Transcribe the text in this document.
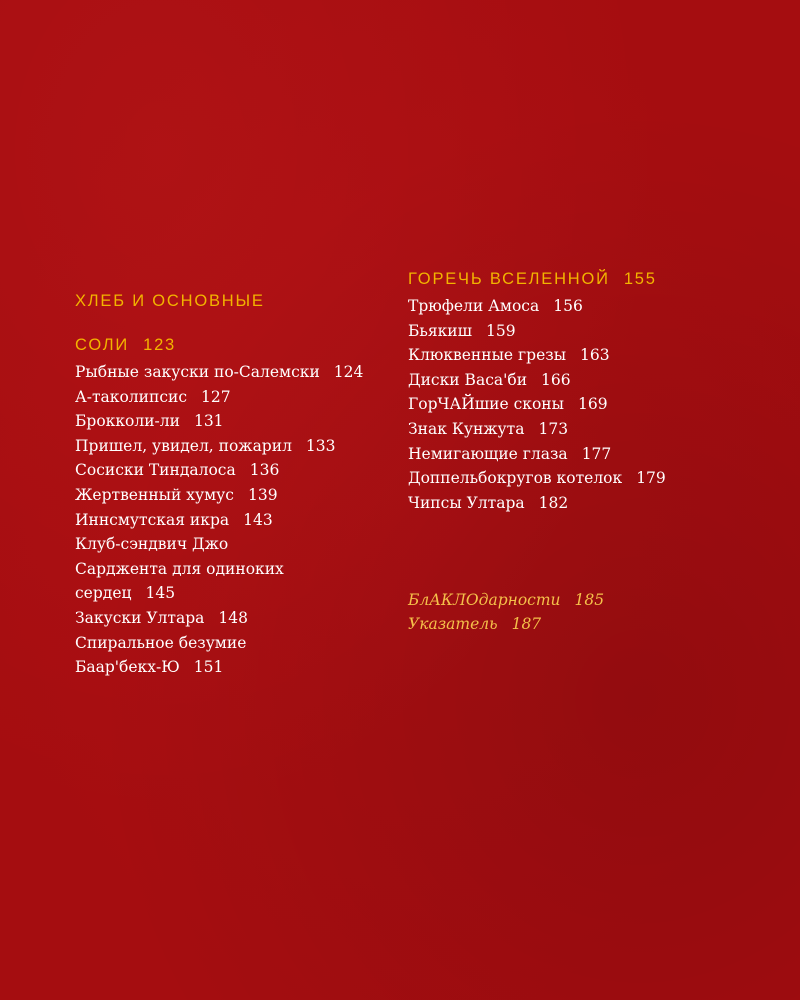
ХЛЕБ И ОСНОВНЫЕ

СОЛИ 123

Рыбные закуски по-Салемски 124
А-таколипсис 127
Брокколи-ли 131
Пришел, увидел, пожарил 133
Сосиски Тиндалоса 136
Жертвенный хумус 139
Иннсмутская икра 143
Клуб-сэндвич Джо Сарджента для одиноких сердец 145
Закуски Ултара 148
Спиральное безумие Баар'бекх-Ю 151
ГОРЕЧЬ ВСЕЛЕННОЙ 155
Трюфели Амоса 156
Бьякиш 159
Клюквенные грезы 163
Диски Васа'би 166
ГорЧАЙшие сконы 169
Знак Кунжута 173
Немигающие глаза 177
Доппельбокругов котелок 179
Чипсы Ултара 182
БлАКЛОдарности 185
Указатель 187
